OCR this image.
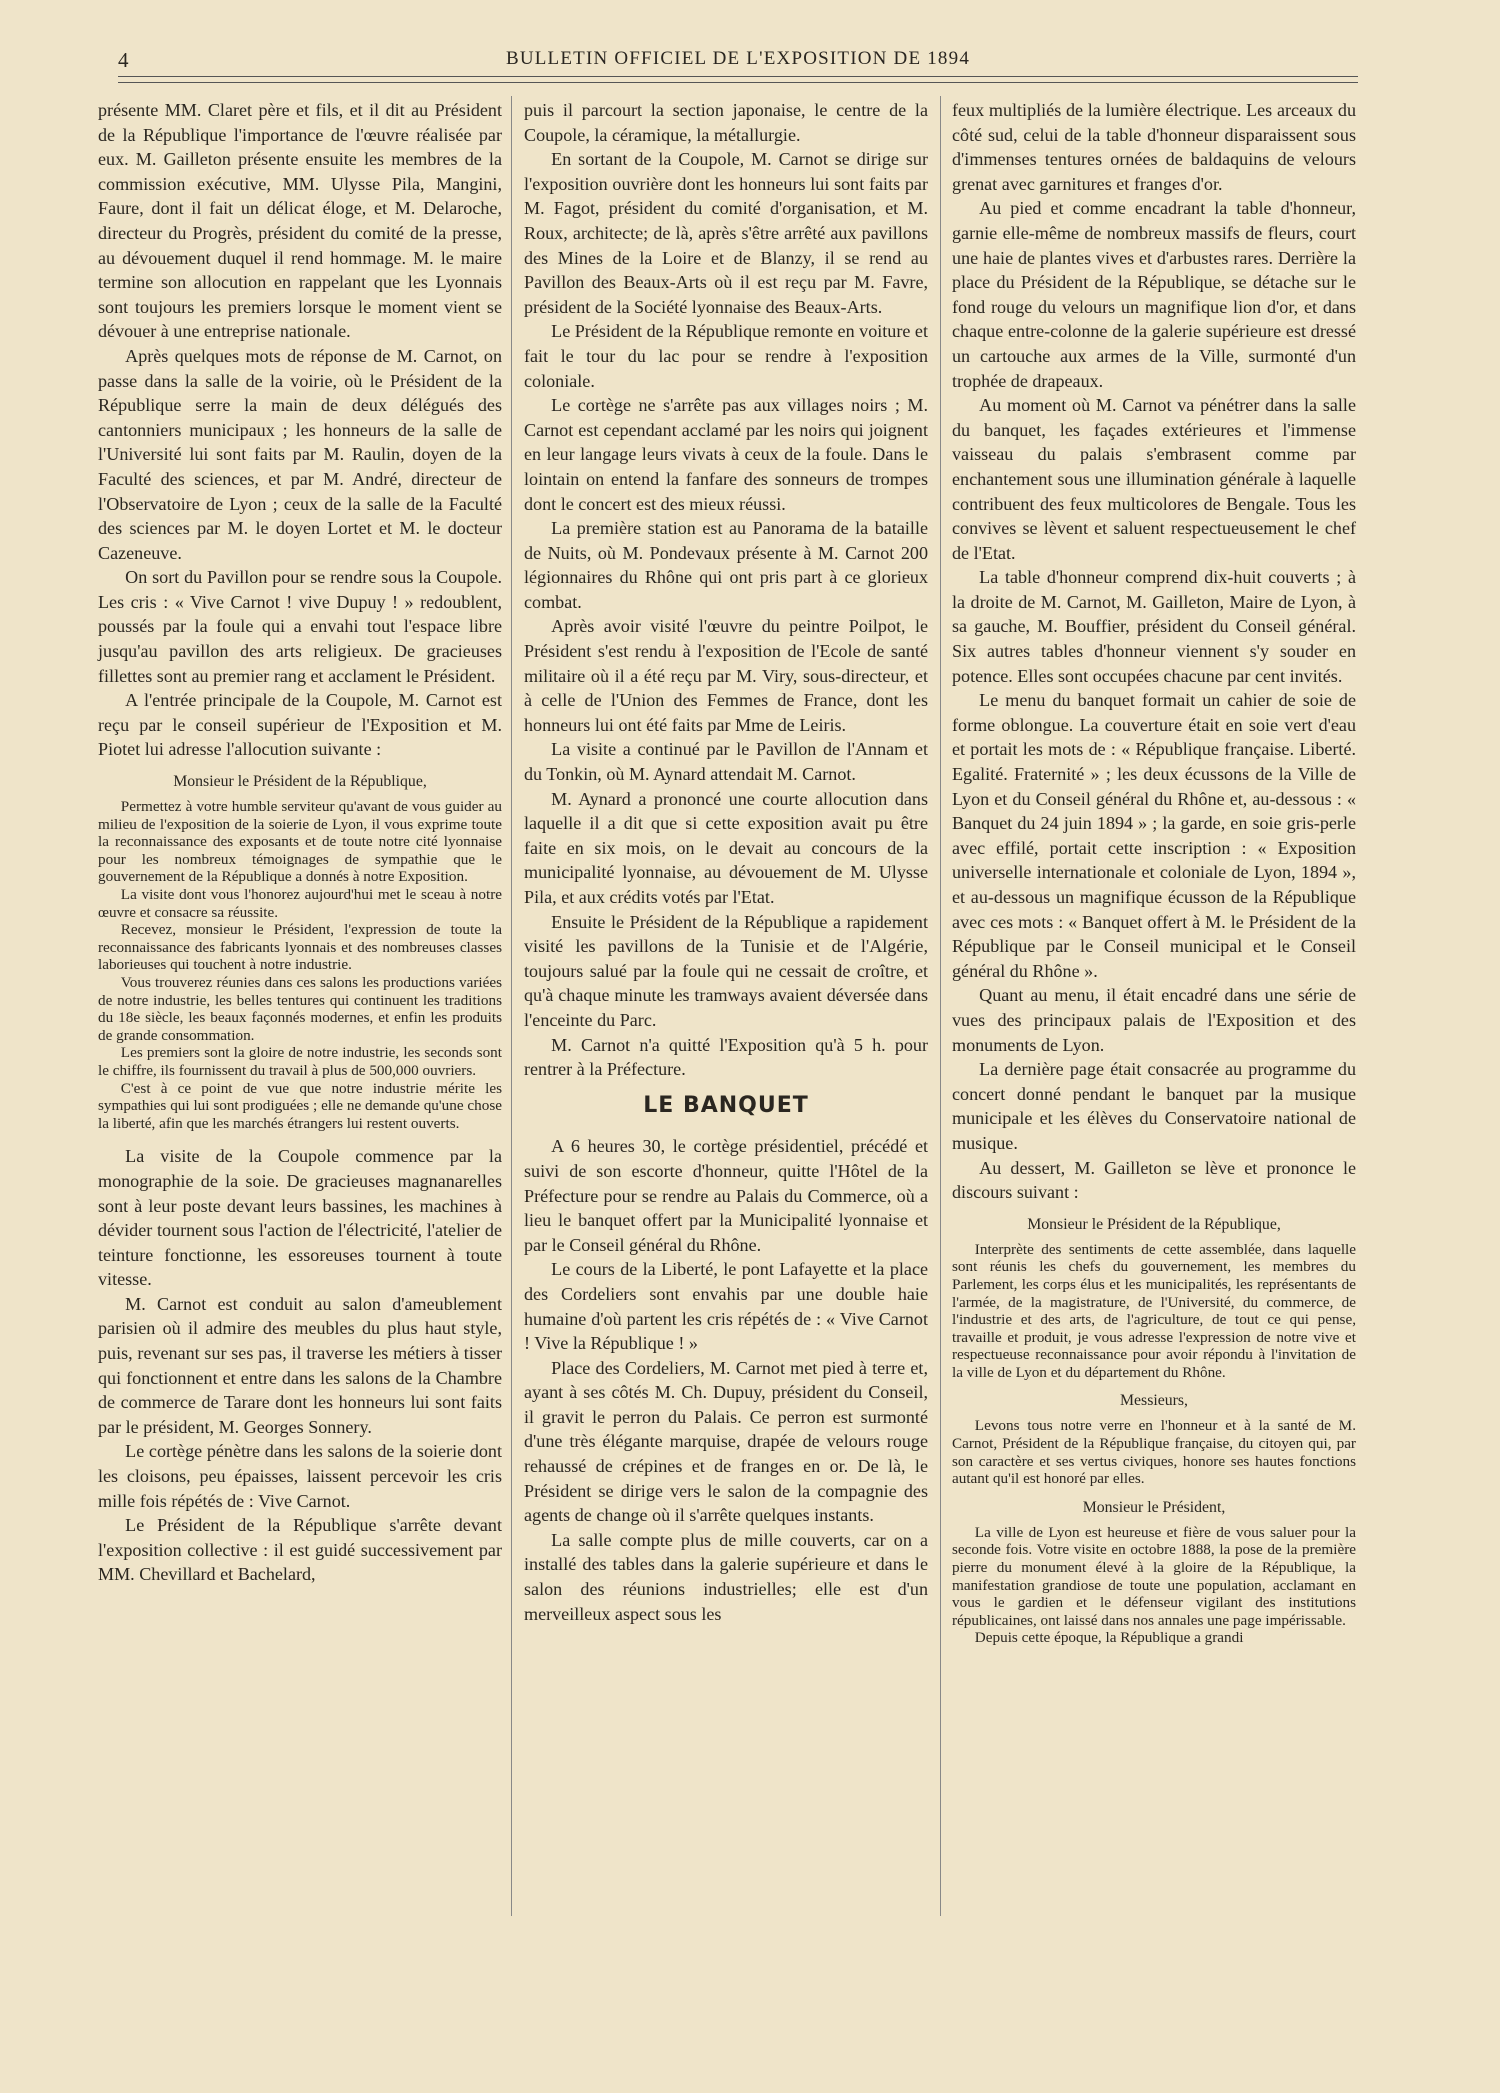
4	BULLETIN OFFICIEL DE L'EXPOSITION DE 1894

présente MM. Claret père et fils, et il dit au Président de la République l'importance de l'œuvre réalisée par eux. M. Gailleton présente ensuite les membres de la commission exécutive, MM. Ulysse Pila, Mangini, Faure, dont il fait un délicat éloge, et M. Delaroche, directeur du Progrès, président du comité de la presse, au dévouement duquel il rend hommage. M. le maire termine son allocution en rappelant que les Lyonnais sont toujours les premiers lorsque le moment vient se dévouer à une entreprise nationale.

Après quelques mots de réponse de M. Carnot, on passe dans la salle de la voirie, où le Président de la République serre la main de deux délégués des cantonniers municipaux ; les honneurs de la salle de l'Université lui sont faits par M. Raulin, doyen de la Faculté des sciences, et par M. André, directeur de l'Observatoire de Lyon ; ceux de la salle de la Faculté des sciences par M. le doyen Lortet et M. le docteur Cazeneuve.

On sort du Pavillon pour se rendre sous la Coupole. Les cris : « Vive Carnot ! vive Dupuy ! » redoublent, poussés par la foule qui a envahi tout l'espace libre jusqu'au pavillon des arts religieux. De gracieuses fillettes sont au premier rang et acclament le Président.

A l'entrée principale de la Coupole, M. Carnot est reçu par le conseil supérieur de l'Exposition et M. Piotet lui adresse l'allocution suivante :

Monsieur le Président de la République,

Permettez à votre humble serviteur qu'avant de vous guider au milieu de l'exposition de la soierie de Lyon, il vous exprime toute la reconnaissance des exposants et de toute notre cité lyonnaise pour les nombreux témoignages de sympathie que le gouvernement de la République a donnés à notre Exposition.

La visite dont vous l'honorez aujourd'hui met le sceau à notre œuvre et consacre sa réussite.

Recevez, monsieur le Président, l'expression de toute la reconnaissance des fabricants lyonnais et des nombreuses classes laborieuses qui touchent à notre industrie.

Vous trouverez réunies dans ces salons les productions variées de notre industrie, les belles tentures qui continuent les traditions du 18e siècle, les beaux façonnés modernes, et enfin les produits de grande consommation.

Les premiers sont la gloire de notre industrie, les seconds sont le chiffre, ils fournissent du travail à plus de 500,000 ouvriers.

C'est à ce point de vue que notre industrie mérite les sympathies qui lui sont prodiguées ; elle ne demande qu'une chose la liberté, afin que les marchés étrangers lui restent ouverts.

La visite de la Coupole commence par la monographie de la soie. De gracieuses magnanarelles sont à leur poste devant leurs bassines, les machines à dévider tournent sous l'action de l'électricité, l'atelier de teinture fonctionne, les essoreuses tournent à toute vitesse.

M. Carnot est conduit au salon d'ameublement parisien où il admire des meubles du plus haut style, puis, revenant sur ses pas, il traverse les métiers à tisser qui fonctionnent et entre dans les salons de la Chambre de commerce de Tarare dont les honneurs lui sont faits par le président, M. Georges Sonnery.

Le cortège pénètre dans les salons de la soierie dont les cloisons, peu épaisses, laissent percevoir les cris mille fois répétés de : Vive Carnot.

Le Président de la République s'arrête devant l'exposition collective : il est guidé successivement par MM. Chevillard et Bachelard,

puis il parcourt la section japonaise, le centre de la Coupole, la céramique, la métallurgie.

En sortant de la Coupole, M. Carnot se dirige sur l'exposition ouvrière dont les honneurs lui sont faits par M. Fagot, président du comité d'organisation, et M. Roux, architecte; de là, après s'être arrêté aux pavillons des Mines de la Loire et de Blanzy, il se rend au Pavillon des Beaux-Arts où il est reçu par M. Favre, président de la Société lyonnaise des Beaux-Arts.

Le Président de la République remonte en voiture et fait le tour du lac pour se rendre à l'exposition coloniale.

Le cortège ne s'arrête pas aux villages noirs ; M. Carnot est cependant acclamé par les noirs qui joignent en leur langage leurs vivats à ceux de la foule. Dans le lointain on entend la fanfare des sonneurs de trompes dont le concert est des mieux réussi.

La première station est au Panorama de la bataille de Nuits, où M. Pondevaux présente à M. Carnot 200 légionnaires du Rhône qui ont pris part à ce glorieux combat.

Après avoir visité l'œuvre du peintre Poilpot, le Président s'est rendu à l'exposition de l'Ecole de santé militaire où il a été reçu par M. Viry, sous-directeur, et à celle de l'Union des Femmes de France, dont les honneurs lui ont été faits par Mme de Leiris.

La visite a continué par le Pavillon de l'Annam et du Tonkin, où M. Aynard attendait M. Carnot.

M. Aynard a prononcé une courte allocution dans laquelle il a dit que si cette exposition avait pu être faite en six mois, on le devait au concours de la municipalité lyonnaise, au dévouement de M. Ulysse Pila, et aux crédits votés par l'Etat.

Ensuite le Président de la République a rapidement visité les pavillons de la Tunisie et de l'Algérie, toujours salué par la foule qui ne cessait de croître, et qu'à chaque minute les tramways avaient déversée dans l'enceinte du Parc.

M. Carnot n'a quitté l'Exposition qu'à 5 h. pour rentrer à la Préfecture.

LE BANQUET

A 6 heures 30, le cortège présidentiel, précédé et suivi de son escorte d'honneur, quitte l'Hôtel de la Préfecture pour se rendre au Palais du Commerce, où a lieu le banquet offert par la Municipalité lyonnaise et par le Conseil général du Rhône.

Le cours de la Liberté, le pont Lafayette et la place des Cordeliers sont envahis par une double haie humaine d'où partent les cris répétés de : « Vive Carnot ! Vive la République ! »

Place des Cordeliers, M. Carnot met pied à terre et, ayant à ses côtés M. Ch. Dupuy, président du Conseil, il gravit le perron du Palais. Ce perron est surmonté d'une très élégante marquise, drapée de velours rouge rehaussé de crépines et de franges en or. De là, le Président se dirige vers le salon de la compagnie des agents de change où il s'arrête quelques instants.

La salle compte plus de mille couverts, car on a installé des tables dans la galerie supérieure et dans le salon des réunions industrielles; elle est d'un merveilleux aspect sous les

feux multipliés de la lumière électrique. Les arceaux du côté sud, celui de la table d'honneur disparaissent sous d'immenses tentures ornées de baldaquins de velours grenat avec garnitures et franges d'or.

Au pied et comme encadrant la table d'honneur, garnie elle-même de nombreux massifs de fleurs, court une haie de plantes vives et d'arbustes rares. Derrière la place du Président de la République, se détache sur le fond rouge du velours un magnifique lion d'or, et dans chaque entre-colonne de la galerie supérieure est dressé un cartouche aux armes de la Ville, surmonté d'un trophée de drapeaux.

Au moment où M. Carnot va pénétrer dans la salle du banquet, les façades extérieures et l'immense vaisseau du palais s'embrasent comme par enchantement sous une illumination générale à laquelle contribuent des feux multicolores de Bengale. Tous les convives se lèvent et saluent respectueusement le chef de l'Etat.

La table d'honneur comprend dix-huit couverts ; à la droite de M. Carnot, M. Gailleton, Maire de Lyon, à sa gauche, M. Bouffier, président du Conseil général. Six autres tables d'honneur viennent s'y souder en potence. Elles sont occupées chacune par cent invités.

Le menu du banquet formait un cahier de soie de forme oblongue. La couverture était en soie vert d'eau et portait les mots de : « République française. Liberté. Egalité. Fraternité » ; les deux écussons de la Ville de Lyon et du Conseil général du Rhône et, au-dessous : « Banquet du 24 juin 1894 » ; la garde, en soie gris-perle avec effilé, portait cette inscription : « Exposition universelle internationale et coloniale de Lyon, 1894 », et au-dessous un magnifique écusson de la République avec ces mots : « Banquet offert à M. le Président de la République par le Conseil municipal et le Conseil général du Rhône ».

Quant au menu, il était encadré dans une série de vues des principaux palais de l'Exposition et des monuments de Lyon.

La dernière page était consacrée au programme du concert donné pendant le banquet par la musique municipale et les élèves du Conservatoire national de musique.

Au dessert, M. Gailleton se lève et prononce le discours suivant :

Monsieur le Président de la République,

Interprète des sentiments de cette assemblée, dans laquelle sont réunis les chefs du gouvernement, les membres du Parlement, les corps élus et les municipalités, les représentants de l'armée, de la magistrature, de l'Université, du commerce, de l'industrie et des arts, de l'agriculture, de tout ce qui pense, travaille et produit, je vous adresse l'expression de notre vive et respectueuse reconnaissance pour avoir répondu à l'invitation de la ville de Lyon et du département du Rhône.

Messieurs,

Levons tous notre verre en l'honneur et à la santé de M. Carnot, Président de la République française, du citoyen qui, par son caractère et ses vertus civiques, honore ses hautes fonctions autant qu'il est honoré par elles.

Monsieur le Président,

La ville de Lyon est heureuse et fière de vous saluer pour la seconde fois. Votre visite en octobre 1888, la pose de la première pierre du monument élevé à la gloire de la République, la manifestation grandiose de toute une population, acclamant en vous le gardien et le défenseur vigilant des institutions républicaines, ont laissé dans nos annales une page impérissable.

Depuis cette époque, la République a grandi
